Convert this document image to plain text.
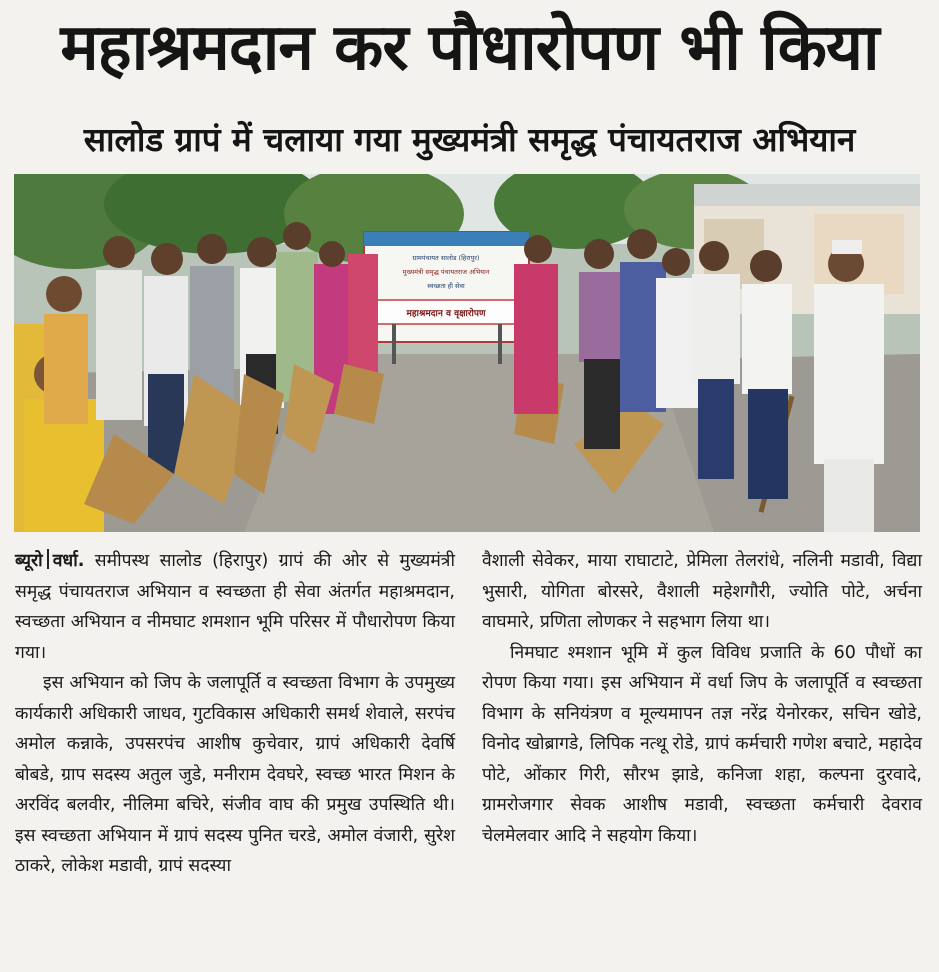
महाश्रमदान कर पौधारोपण भी किया
सालोड ग्रापं में चलाया गया मुख्यमंत्री समृद्ध पंचायतराज अभियान
ग्रामपंचायत सालोड (हिरापुर)
मुख्यमंत्री समृद्ध पंचायतराज अभियान
स्वच्छता ही सेवा
महाश्रमदान व वृक्षारोपण

ब्यूरो वर्धा. समीपस्थ सालोड (हिरापुर) ग्रापं की ओर से मुख्यमंत्री समृद्ध पंचायतराज अभियान व स्वच्छता ही सेवा अंतर्गत महाश्रमदान, स्वच्छता अभियान व नीमघाट शमशान भूमि परिसर में पौधारोपण किया गया।

इस अभियान को जिप के जलापूर्ति व स्वच्छता विभाग के उपमुख्य कार्यकारी अधिकारी जाधव, गुटविकास अधिकारी समर्थ शेवाले, सरपंच अमोल कन्नाके, उपसरपंच आशीष कुचेवार, ग्रापं अधिकारी देवर्षि बोबडे, ग्राप सदस्य अतुल जुडे, मनीराम देवघरे, स्वच्छ भारत मिशन के अरविंद बलवीर, नीलिमा बचिरे, संजीव वाघ की प्रमुख उपस्थिति थी। इस स्वच्छता अभियान में ग्रापं सदस्य पुनित चरडे, अमोल वंजारी, सुरेश ठाकरे, लोकेश मडावी, ग्रापं सदस्या

वैशाली सेवेकर, माया राघाटाटे, प्रेमिला तेलरांधे, नलिनी मडावी, विद्या भुसारी, योगिता बोरसरे, वैशाली महेशगौरी, ज्योति पोटे, अर्चना वाघमारे, प्रणिता लोणकर ने सहभाग लिया था।

निमघाट श्मशान भूमि में कुल विविध प्रजाति के 60 पौधों का रोपण किया गया। इस अभियान में वर्धा जिप के जलापूर्ति व स्वच्छता विभाग के सनियंत्रण व मूल्यमापन तज्ञ नरेंद्र येनोरकर, सचिन खोडे, विनोद खोब्रागडे, लिपिक नत्थू रोडे, ग्रापं कर्मचारी गणेश बचाटे, महादेव पोटे, ओंकार गिरी, सौरभ झाडे, कनिजा शहा, कल्पना दुरवादे, ग्रामरोजगार सेवक आशीष मडावी, स्वच्छता कर्मचारी देवराव चेलमेलवार आदि ने सहयोग किया।
